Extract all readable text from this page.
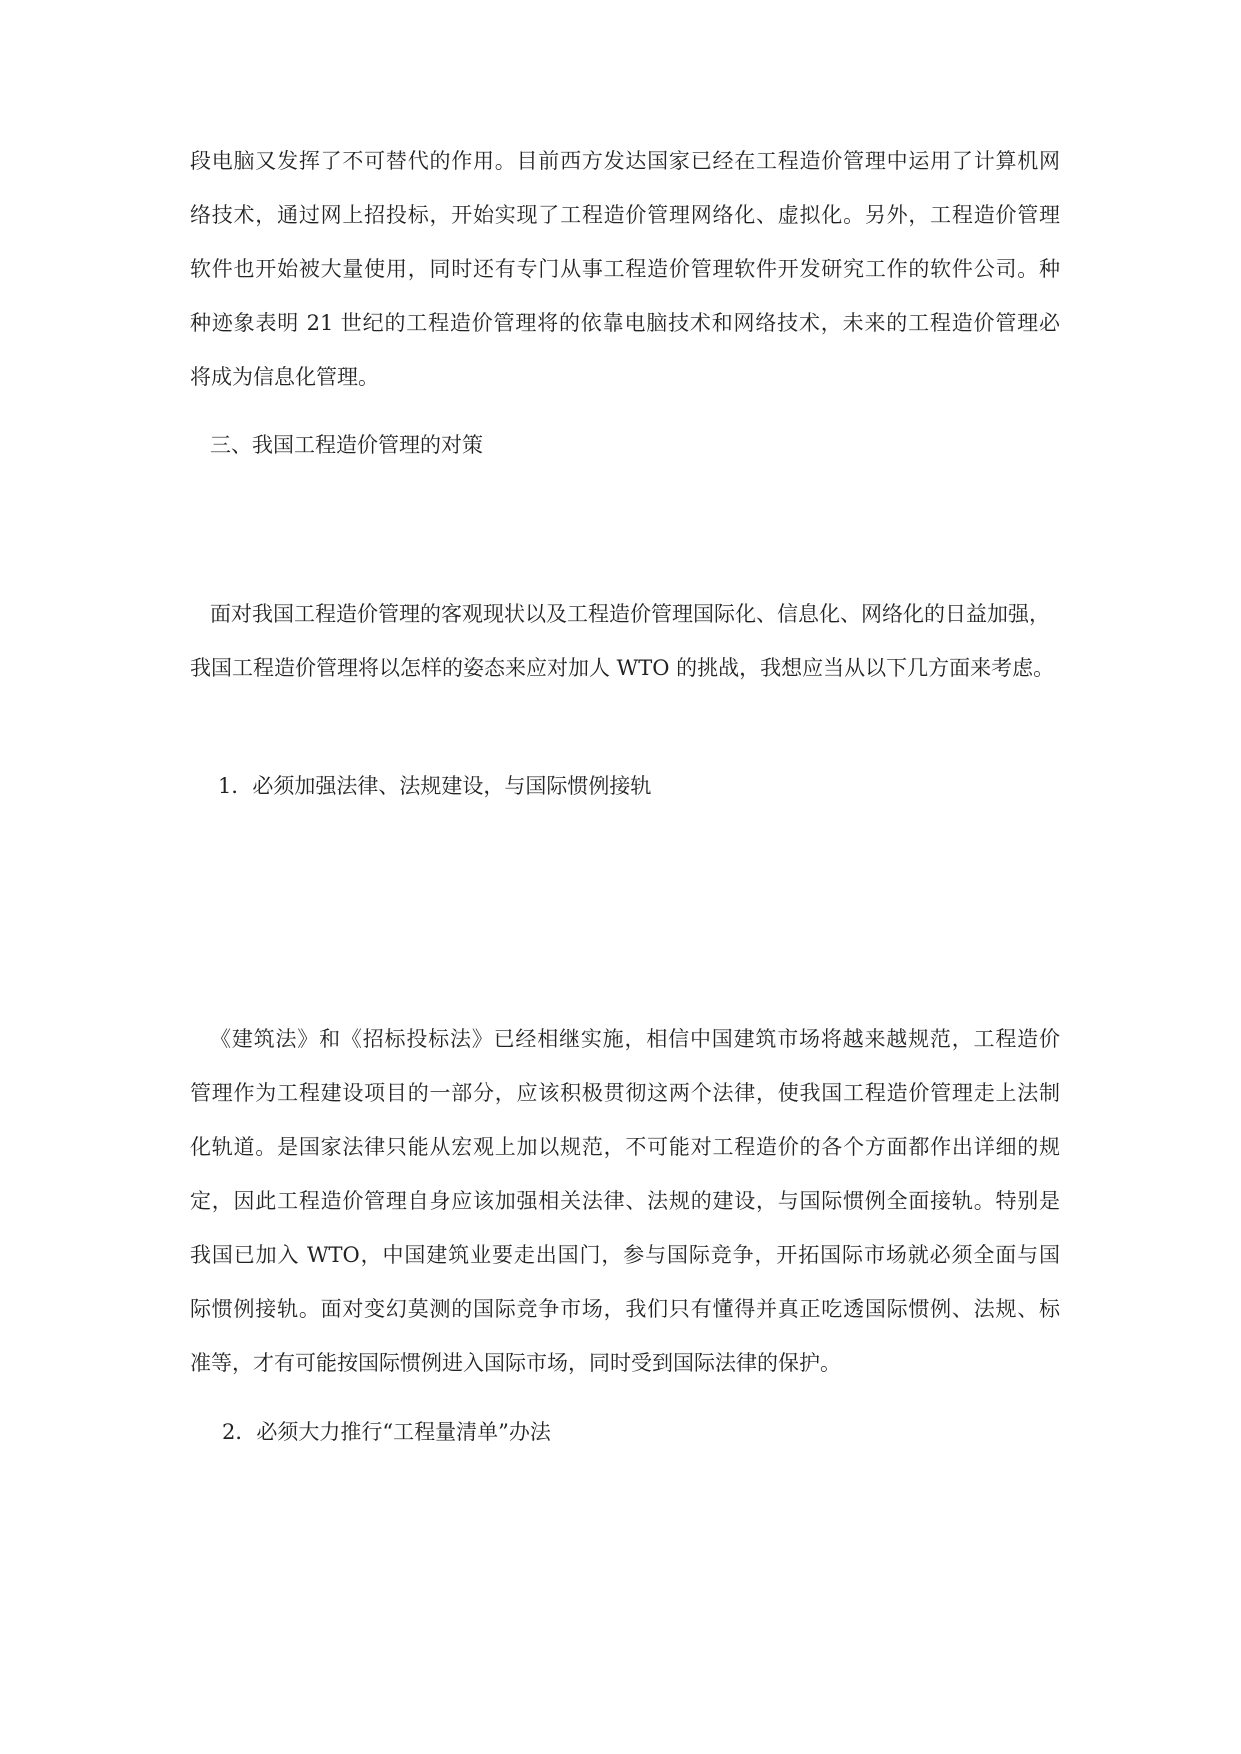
段电脑又发挥了不可替代的作用。目前西方发达国家已经在工程造价管理中运用了计算机网
络技术，通过网上招投标，开始实现了工程造价管理网络化、虚拟化。另外，工程造价管理
软件也开始被大量使用，同时还有专门从事工程造价管理软件开发研究工作的软件公司。种
种迹象表明 21 世纪的工程造价管理将的依靠电脑技术和网络技术，未来的工程造价管理必
将成为信息化管理。
三、我国工程造价管理的对策
面对我国工程造价管理的客观现状以及工程造价管理国际化、信息化、网络化的日益加强，
我国工程造价管理将以怎样的姿态来应对加人 WTO 的挑战，我想应当从以下几方面来考虑。
1．必须加强法律、法规建设，与国际惯例接轨
《建筑法》和《招标投标法》已经相继实施，相信中国建筑市场将越来越规范，工程造价
管理作为工程建设项目的一部分，应该积极贯彻这两个法律，使我国工程造价管理走上法制
化轨道。是国家法律只能从宏观上加以规范，不可能对工程造价的各个方面都作出详细的规
定，因此工程造价管理自身应该加强相关法律、法规的建设，与国际惯例全面接轨。特别是
我国已加入 WTO，中国建筑业要走出国门，参与国际竞争，开拓国际市场就必须全面与国
际惯例接轨。面对变幻莫测的国际竞争市场，我们只有懂得并真正吃透国际惯例、法规、标
准等，才有可能按国际惯例进入国际市场，同时受到国际法律的保护。
2．必须大力推行“工程量清单”办法
